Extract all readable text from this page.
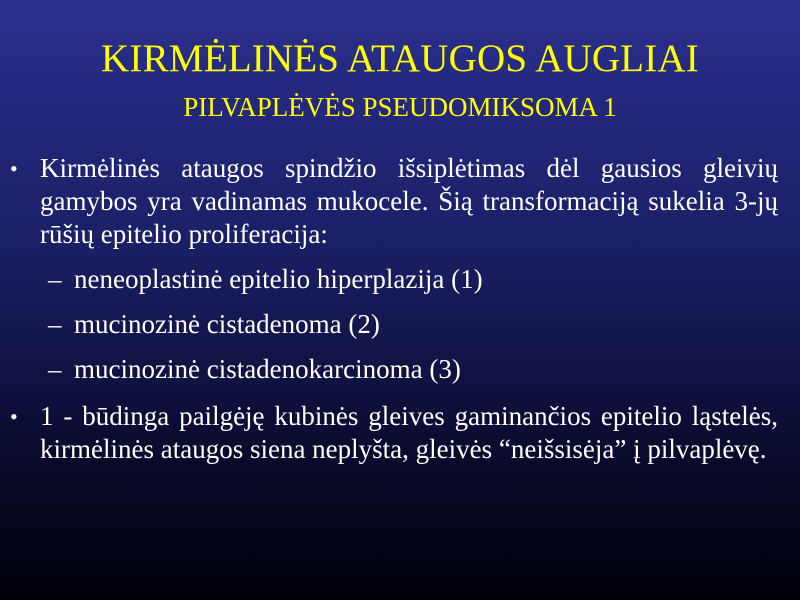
KIRMĖLINĖS ATAUGOS AUGLIAI
PILVAPLĖVĖS PSEUDOMIKSOMA 1
• Kirmėlinės ataugos spindžio išsiplėtimas dėl gausios gleivių gamybos yra vadinamas mukocele. Šią transformaciją sukelia 3-jų rūšių epitelio proliferacija:
– neneoplastinė epitelio hiperplazija (1)
– mucinozinė cistadenoma (2)
– mucinozinė cistadenokarcinoma (3)
• 1 - būdinga pailgėję kubinės gleives gaminančios epitelio ląstelės, kirmėlinės ataugos siena neplyšta, gleivės “neišsisėja” į pilvaplėvę.
